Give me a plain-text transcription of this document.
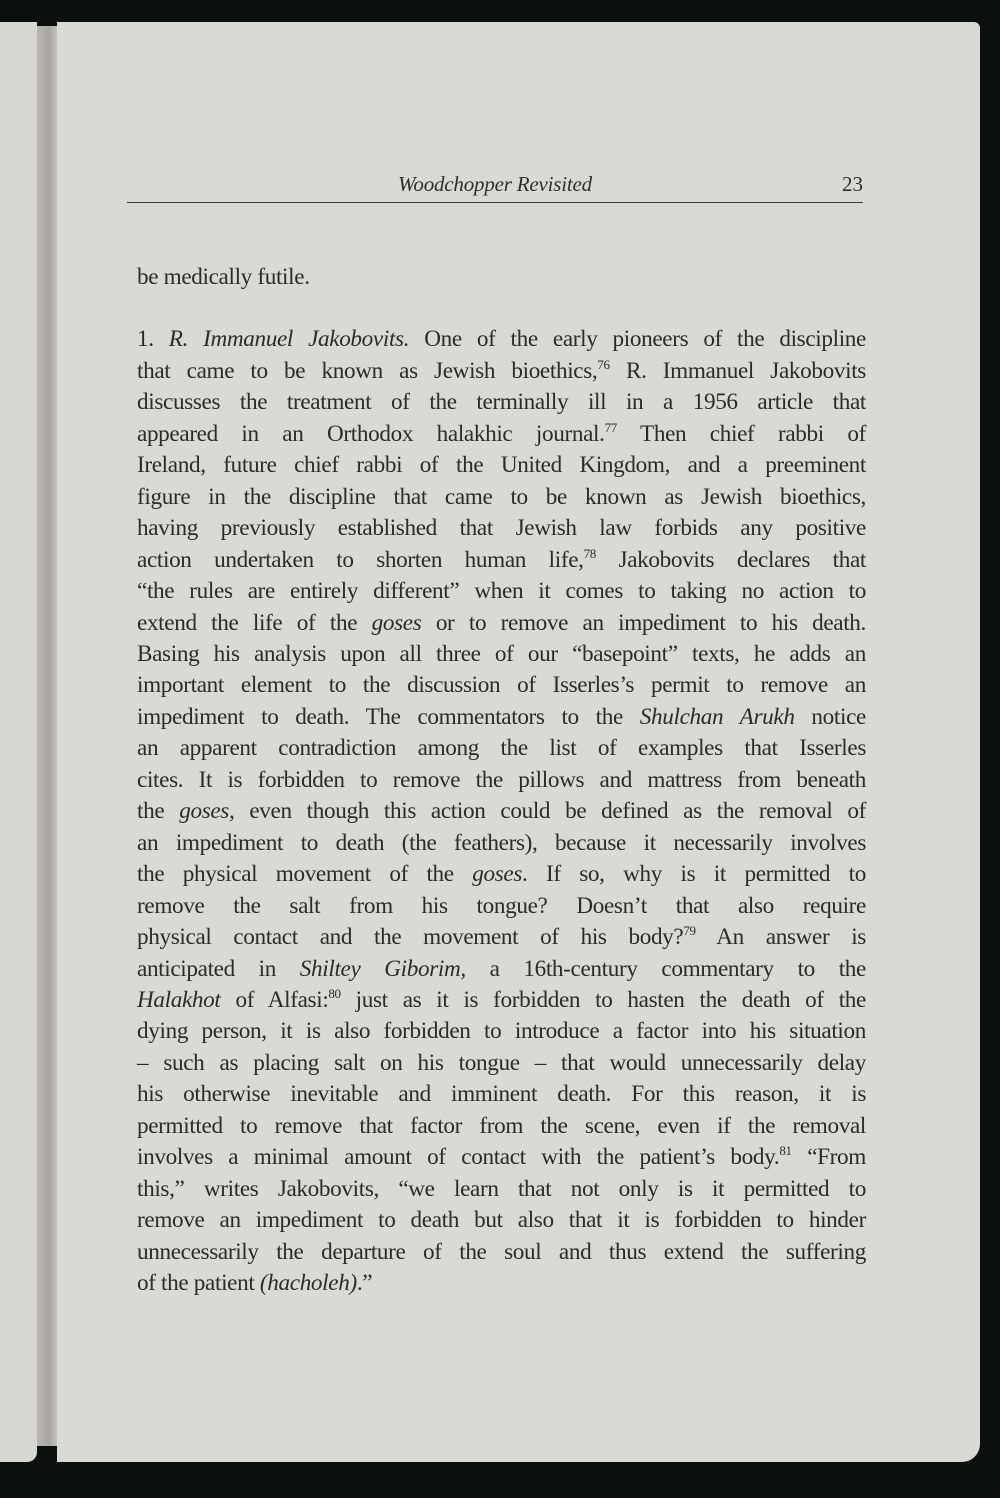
Woodchopper Revisited	23

be medically futile.

1. R. Immanuel Jakobovits. One of the early pioneers of the discipline
that came to be known as Jewish bioethics,$^{76}$ R. Immanuel Jakobovits
discusses the treatment of the terminally ill in a 1956 article that
appeared in an Orthodox halakhic journal.$^{77}$ Then chief rabbi of
Ireland, future chief rabbi of the United Kingdom, and a preeminent
figure in the discipline that came to be known as Jewish bioethics,
having previously established that Jewish law forbids any positive
action undertaken to shorten human life,$^{78}$ Jakobovits declares that
“the rules are entirely different” when it comes to taking no action to
extend the life of the goses or to remove an impediment to his death.
Basing his analysis upon all three of our “basepoint” texts, he adds an
important element to the discussion of Isserles’s permit to remove an
impediment to death. The commentators to the Shulchan Arukh notice
an apparent contradiction among the list of examples that Isserles
cites. It is forbidden to remove the pillows and mattress from beneath
the goses, even though this action could be defined as the removal of
an impediment to death (the feathers), because it necessarily involves
the physical movement of the goses. If so, why is it permitted to
remove the salt from his tongue? Doesn’t that also require
physical contact and the movement of his body?$^{79}$ An answer is
anticipated in Shiltey Giborim, a 16th-century commentary to the
Halakhot of Alfasi:$^{80}$ just as it is forbidden to hasten the death of the
dying person, it is also forbidden to introduce a factor into his situation
– such as placing salt on his tongue – that would unnecessarily delay
his otherwise inevitable and imminent death. For this reason, it is
permitted to remove that factor from the scene, even if the removal
involves a minimal amount of contact with the patient’s body.$^{81}$ “From
this,” writes Jakobovits, “we learn that not only is it permitted to
remove an impediment to death but also that it is forbidden to hinder
unnecessarily the departure of the soul and thus extend the suffering
of the patient (hacholeh).”
